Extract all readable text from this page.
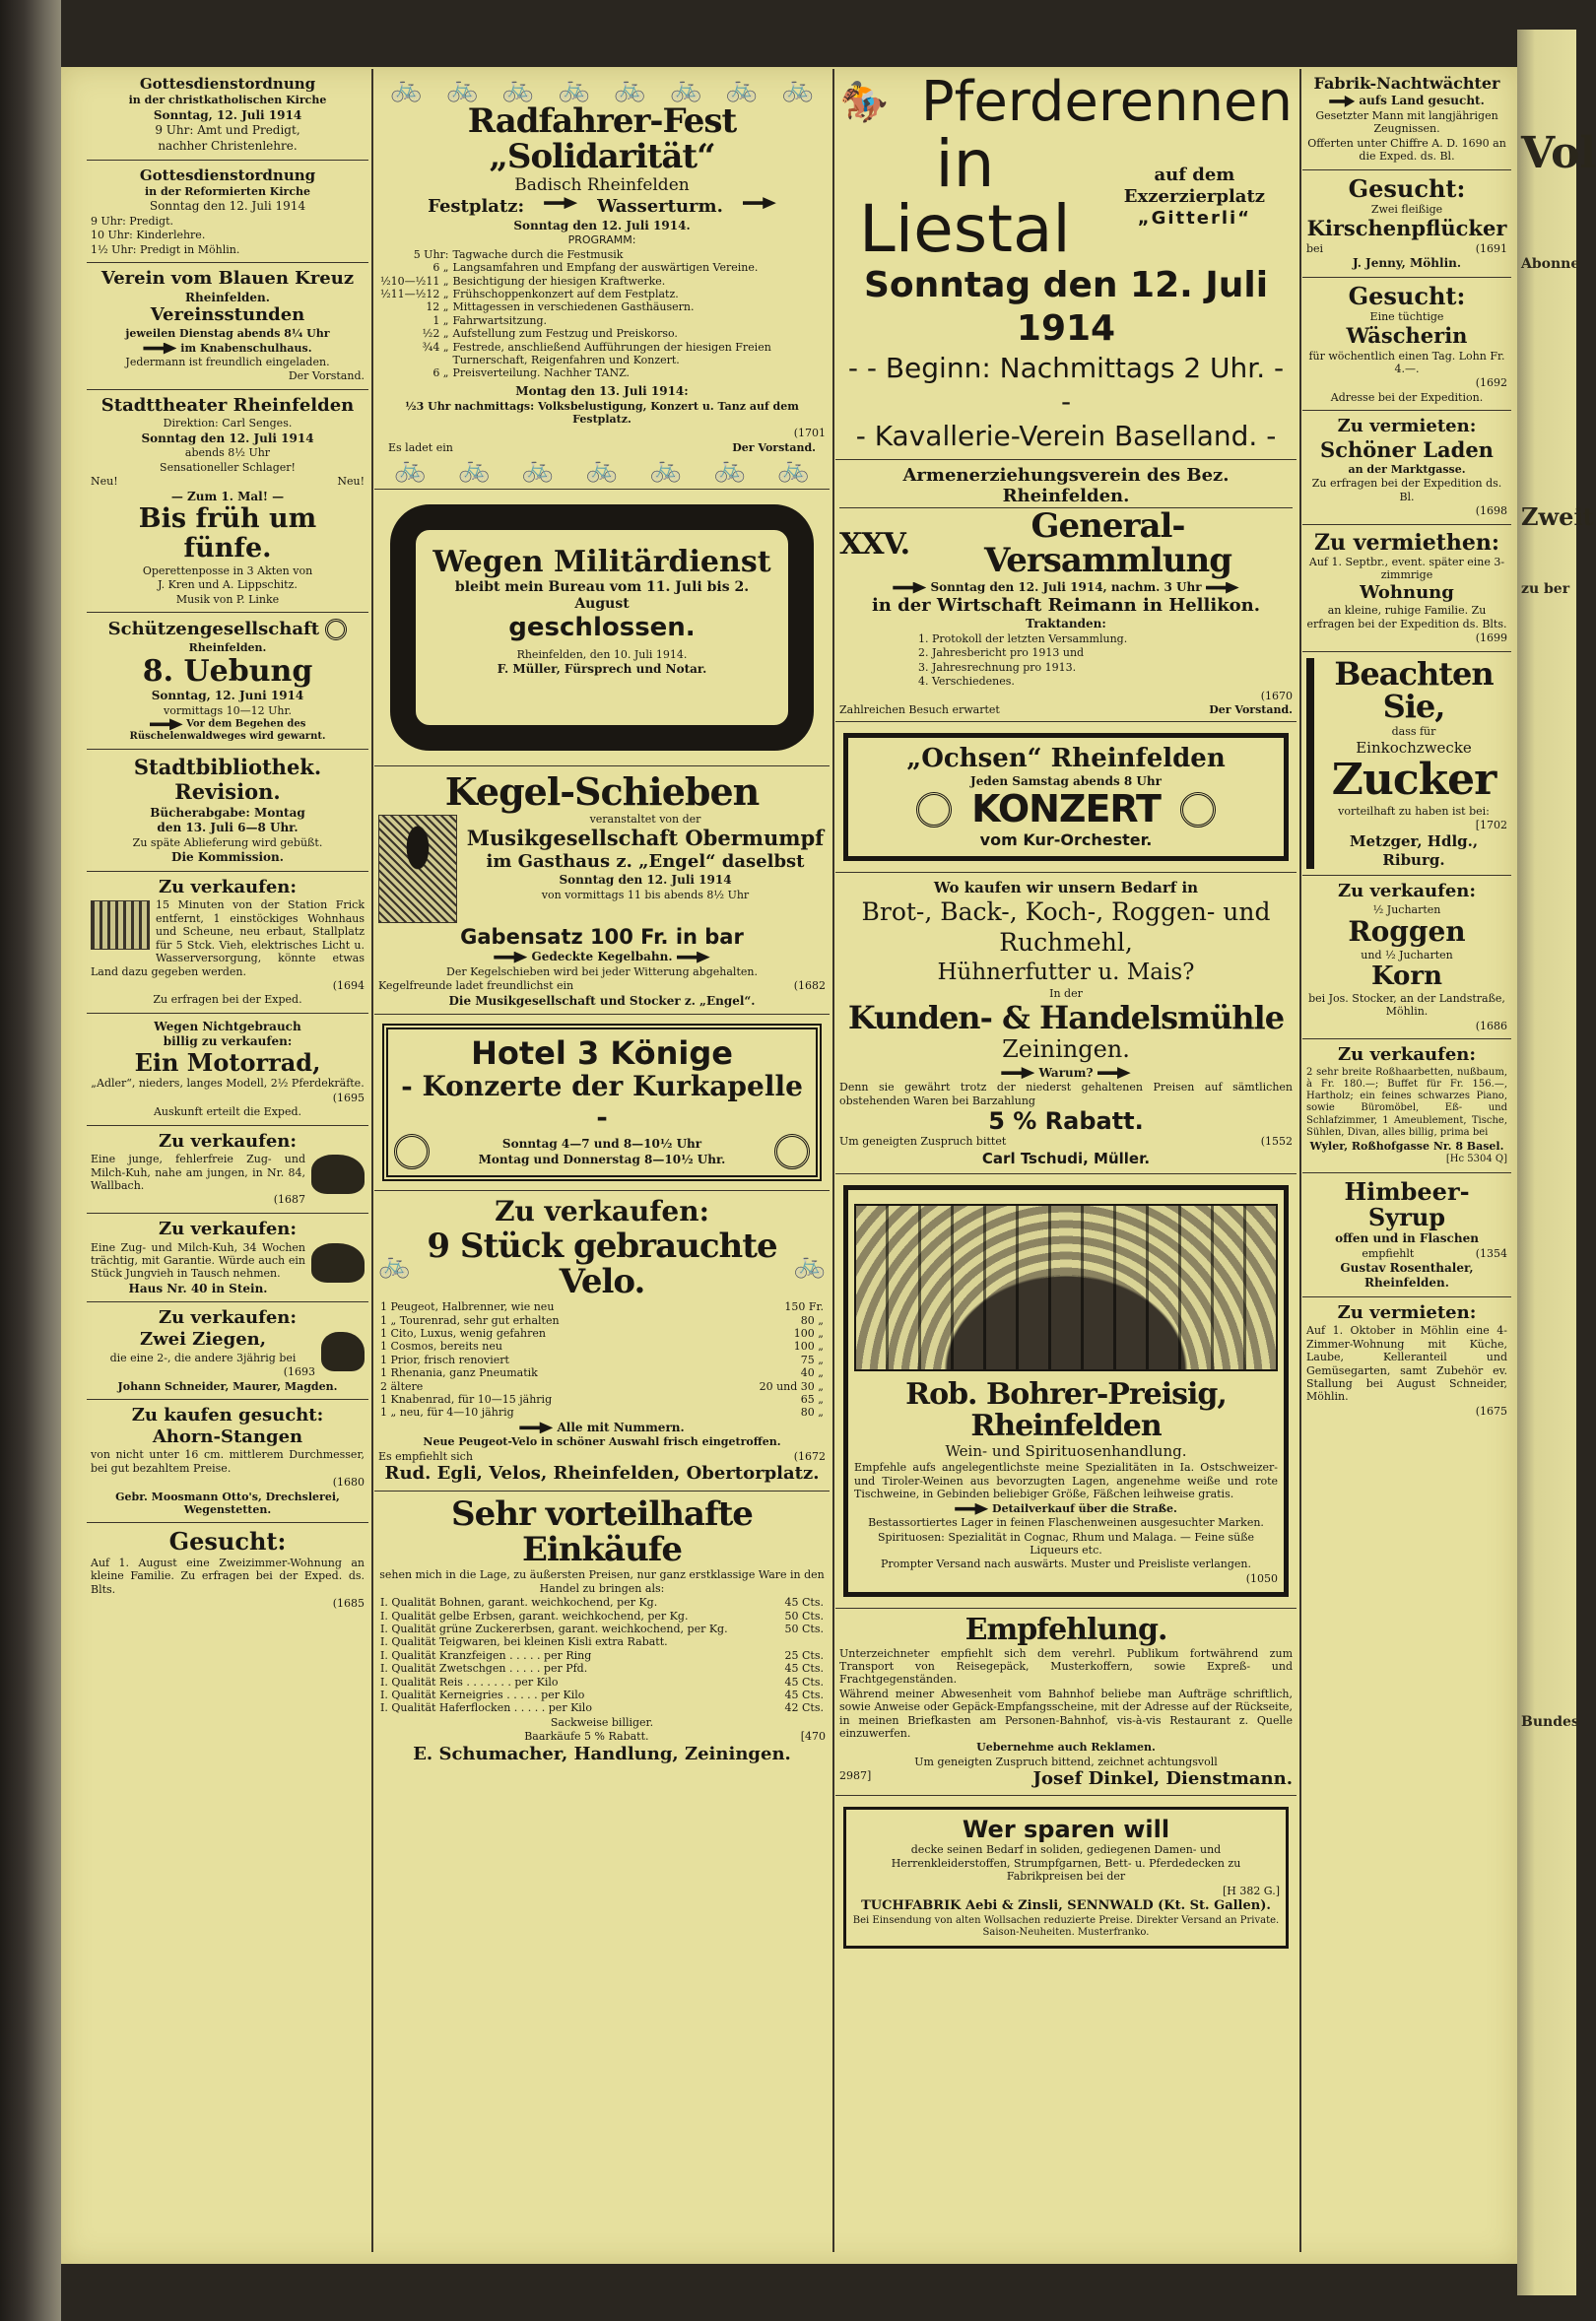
Vol
Abonne
Zweit
zu ber
Bundes

Gottesdienstordnung

in der christkatholischen Kirche

Sonntag, 12. Juli 1914

9 Uhr: Amt und Predigt,

nachher Christenlehre.

Gottesdienstordnung

in der Reformierten Kirche

Sonntag den 12. Juli 1914

9 Uhr: Predigt.

10 Uhr: Kinderlehre.

1½ Uhr: Predigt in Möhlin.

Verein vom Blauen Kreuz

Rheinfelden.

Vereinsstunden

jeweilen Dienstag abends 8¼ Uhr

im Knabenschulhaus.

Jedermann ist freundlich eingeladen.

Der Vorstand.

Stadttheater Rheinfelden

Direktion: Carl Senges.

Sonntag den 12. Juli 1914

abends 8½ Uhr

Sensationeller Schlager!

Neu!	Neu!

— Zum 1. Mal! —

Bis früh um fünfe.

Operettenposse in 3 Akten von

J. Kren und A. Lippschitz.

Musik von P. Linke

Schützengesellschaft

Rheinfelden.

8. Uebung

Sonntag, 12. Juni 1914

vormittags 10—12 Uhr.

Vor dem Begehen des Rüschelenwaldweges wird gewarnt.

Stadtbibliothek.

Revision.

Bücherabgabe: Montag

den 13. Juli 6—8 Uhr.

Zu späte Ablieferung wird gebüßt.

Die Kommission.

Zu verkaufen:

15 Minuten von der Station Frick entfernt, 1 einstöckiges Wohnhaus und Scheune, neu erbaut, Stallplatz für 5 Stck. Vieh, elektrisches Licht u. Wasserversorgung, könnte etwas Land dazu gegeben werden.

(1694

Zu erfragen bei der Exped.

Wegen Nichtgebrauch

billig zu verkaufen:

Ein Motorrad,

„Adler“, nieders, langes Modell, 2½ Pferdekräfte.

(1695

Auskunft erteilt die Exped.

Zu verkaufen:

Eine junge, fehlerfreie Zug- und Milch-Kuh, nahe am jungen, in Nr. 84, Wallbach.

(1687

Zu verkaufen:

Eine Zug- und Milch-Kuh, 34 Wochen trächtig, mit Garantie. Würde auch ein Stück Jungvieh in Tausch nehmen.

Haus Nr. 40 in Stein.

Zu verkaufen:

Zwei Ziegen,

die eine 2-, die andere 3jährig bei

(1693

Johann Schneider, Maurer, Magden.

Zu kaufen gesucht:

Ahorn-Stangen

von nicht unter 16 cm. mittlerem Durchmesser, bei gut bezahltem Preise.

(1680

Gebr. Moosmann Otto's, Drechslerei, Wegenstetten.

Gesucht:

Auf 1. August eine Zweizimmer-Wohnung an kleine Familie. Zu erfragen bei der Exped. ds. Blts.

(1685

🚲 🚲 🚲 🚲 🚲 🚲 🚲 🚲

Radfahrer-Fest „Solidarität“

Badisch Rheinfelden

Festplatz:	Wasserturm.

Sonntag den 12. Juli 1914.

PROGRAMM:

5 Uhr:	Tagwache durch die Festmusik
6 „	Langsamfahren und Empfang der auswärtigen Vereine.
½10—½11 „	Besichtigung der hiesigen Kraftwerke.
½11—½12 „	Frühschoppenkonzert auf dem Festplatz.
12 „	Mittagessen in verschiedenen Gasthäusern.
1 „	Fahrwartsitzung.
½2 „	Aufstellung zum Festzug und Preiskorso.
¾4 „	Festrede, anschließend Aufführungen der hiesigen Freien Turnerschaft, Reigenfahren und Konzert.
6 „	Preisverteilung. Nachher TANZ.

Montag den 13. Juli 1914:

½3 Uhr nachmittags: Volksbelustigung, Konzert u. Tanz auf dem Festplatz.

(1701

Es ladet ein	Der Vorstand.
🚲 🚲 🚲 🚲 🚲 🚲 🚲

Wegen Militärdienst

bleibt mein Bureau vom 11. Juli bis 2. August

geschlossen.

Rheinfelden, den 10. Juli 1914.

F. Müller, Fürsprech und Notar.

Kegel-Schieben

veranstaltet von der

Musikgesellschaft Obermumpf

im Gasthaus z. „Engel“ daselbst

Sonntag den 12. Juli 1914

von vormittags 11 bis abends 8½ Uhr

Gabensatz 100 Fr. in bar

Gedeckte Kegelbahn.

Der Kegelschieben wird bei jeder Witterung abgehalten.

Kegelfreunde ladet freundlichst ein	(1682

Die Musikgesellschaft und Stocker z. „Engel“.

Hotel 3 Könige

- Konzerte der Kurkapelle -

Sonntag 4—7 und 8—10½ Uhr

Montag und Donnerstag 8—10½ Uhr.

Zu verkaufen:

🚲 9 Stück gebrauchte Velo.	🚲
1 Peugeot, Halbrenner, wie neu	150 Fr.
1 „ Tourenrad, sehr gut erhalten	80 „
1 Cito, Luxus, wenig gefahren	100 „
1 Cosmos, bereits neu	100 „
1 Prior, frisch renoviert	75 „
1 Rhenania, ganz Pneumatik	40 „
2 ältere	20 und 30 „
1 Knabenrad, für 10—15 jährig	65 „
1 „ neu, für 4—10 jährig	80 „

Alle mit Nummern.

Neue Peugeot-Velo in schöner Auswahl frisch eingetroffen.

Es empfiehlt sich	(1672

Rud. Egli, Velos, Rheinfelden, Obertorplatz.

Sehr vorteilhafte Einkäufe

sehen mich in die Lage, zu äußersten Preisen, nur ganz erstklassige Ware in den Handel zu bringen als:

I. Qualität Bohnen, garant. weichkochend, per Kg.	45 Cts.
I. Qualität gelbe Erbsen, garant. weichkochend, per Kg.	50 Cts.
I. Qualität grüne Zuckererbsen, garant. weichkochend, per Kg.	50 Cts.
I. Qualität Teigwaren, bei kleinen Kisli extra Rabatt.	
I. Qualität Kranzfeigen . . . . . per Ring	25 Cts.
I. Qualität Zwetschgen . . . . . per Pfd.	45 Cts.
I. Qualität Reis . . . . . . . per Kilo	45 Cts.
I. Qualität Kerneigries . . . . . per Kilo	45 Cts.
I. Qualität Haferflocken . . . . . per Kilo	42 Cts.

Sackweise billiger.

Baarkäufe 5 % Rabatt.	[470

E. Schumacher, Handlung, Zeiningen.

🏇 Pferderennen

in Liestal

auf dem Exzerzierplatz

„Gitterli“

Sonntag den 12. Juli 1914

- - Beginn: Nachmittags 2 Uhr. - -

- Kavallerie-Verein Baselland. -

Armenerziehungsverein des Bez. Rheinfelden.

XXV.	General-Versammlung

Sonntag den 12. Juli 1914, nachm. 3 Uhr

in der Wirtschaft Reimann in Hellikon.

Traktanden:

1. Protokoll der letzten Versammlung.

2. Jahresbericht pro 1913 und

3. Jahresrechnung pro 1913.

4. Verschiedenes.

(1670

Zahlreichen Besuch erwartet	Der Vorstand.

„Ochsen“ Rheinfelden

Jeden Samstag abends 8 Uhr

KONZERT

vom Kur-Orchester.

Wo kaufen wir unsern Bedarf in

Brot-, Back-, Koch-, Roggen- und Ruchmehl,

Hühnerfutter u. Mais?

In der

Kunden- & Handelsmühle

Zeiningen.

Warum?

Denn sie gewährt trotz der niederst gehaltenen Preisen auf sämtlichen obstehenden Waren bei Barzahlung

5 % Rabatt.

Um geneigten Zuspruch bittet	(1552

Carl Tschudi, Müller.

Rob. Bohrer-Preisig, Rheinfelden

Wein- und Spirituosenhandlung.

Empfehle aufs angelegentlichste meine Spezialitäten in Ia. Ostschweizer- und Tiroler-Weinen aus bevorzugten Lagen, angenehme weiße und rote Tischweine, in Gebinden beliebiger Größe, Fäßchen leihweise gratis.

Detailverkauf über die Straße.

Bestassortiertes Lager in feinen Flaschenweinen ausgesuchter Marken.

Spirituosen: Spezialität in Cognac, Rhum und Malaga. — Feine süße Liqueurs etc.

Prompter Versand nach auswärts. Muster und Preisliste verlangen.

(1050

Empfehlung.

Unterzeichneter empfiehlt sich dem verehrl. Publikum fortwährend zum Transport von Reisegepäck, Musterkoffern, sowie Expreß- und Frachtgegenständen.

Während meiner Abwesenheit vom Bahnhof beliebe man Aufträge schriftlich, sowie Anweise oder Gepäck-Empfangsscheine, mit der Adresse auf der Rückseite, in meinen Briefkasten am Personen-Bahnhof, vis-à-vis Restaurant z. Quelle einzuwerfen.

Uebernehme auch Reklamen.

Um geneigten Zuspruch bittend, zeichnet achtungsvoll

2987]	Josef Dinkel, Dienstmann.

Wer sparen will

decke seinen Bedarf in soliden, gediegenen Damen- und Herrenkleiderstoffen, Strumpfgarnen, Bett- u. Pferdedecken zu Fabrikpreisen bei der

[H 382 G.]

TUCHFABRIK Aebi & Zinsli, SENNWALD (Kt. St. Gallen).

Bei Einsendung von alten Wollsachen reduzierte Preise. Direkter Versand an Private. Saison-Neuheiten. Musterfranko.

Fabrik-Nachtwächter

aufs Land gesucht.

Gesetzter Mann mit langjährigen Zeugnissen.

Offerten unter Chiffre A. D. 1690 an die Exped. ds. Bl.

Gesucht:

Zwei fleißige

Kirschenpflücker

bei	(1691

J. Jenny, Möhlin.

Gesucht:

Eine tüchtige

Wäscherin

für wöchentlich einen Tag. Lohn Fr. 4.—.

(1692

Adresse bei der Expedition.

Zu vermieten:

Schöner Laden

an der Marktgasse.

Zu erfragen bei der Expedition ds. Bl.

(1698

Zu vermiethen:

Auf 1. Septbr., event. später eine 3-zimmrige

Wohnung

an kleine, ruhige Familie. Zu erfragen bei der Expedition ds. Blts.

(1699

Beachten Sie,

dass für

Einkochzwecke

Zucker

vorteilhaft zu haben ist bei:

[1702

Metzger, Hdlg., Riburg.

Zu verkaufen:

½ Jucharten

Roggen

und ½ Jucharten

Korn

bei Jos. Stocker, an der Landstraße, Möhlin.

(1686

Zu verkaufen:

2 sehr breite Roßhaarbetten, nußbaum, à Fr. 180.—; Buffet für Fr. 156.—, Hartholz; ein feines schwarzes Piano, sowie Büromöbel, Eß- und Schlafzimmer, 1 Ameublement, Tische, Sühlen, Divan, alles billig, prima bei

Wyler, Roßhofgasse Nr. 8 Basel.

[Hc 5304 Q]

Himbeer-Syrup

offen und in Flaschen

empfiehlt	(1354

Gustav Rosenthaler, Rheinfelden.

Zu vermieten:

Auf 1. Oktober in Möhlin eine 4-Zimmer-Wohnung mit Küche, Laube, Kelleranteil und Gemüsegarten, samt Zubehör ev. Stallung bei August Schneider, Möhlin.

(1675
